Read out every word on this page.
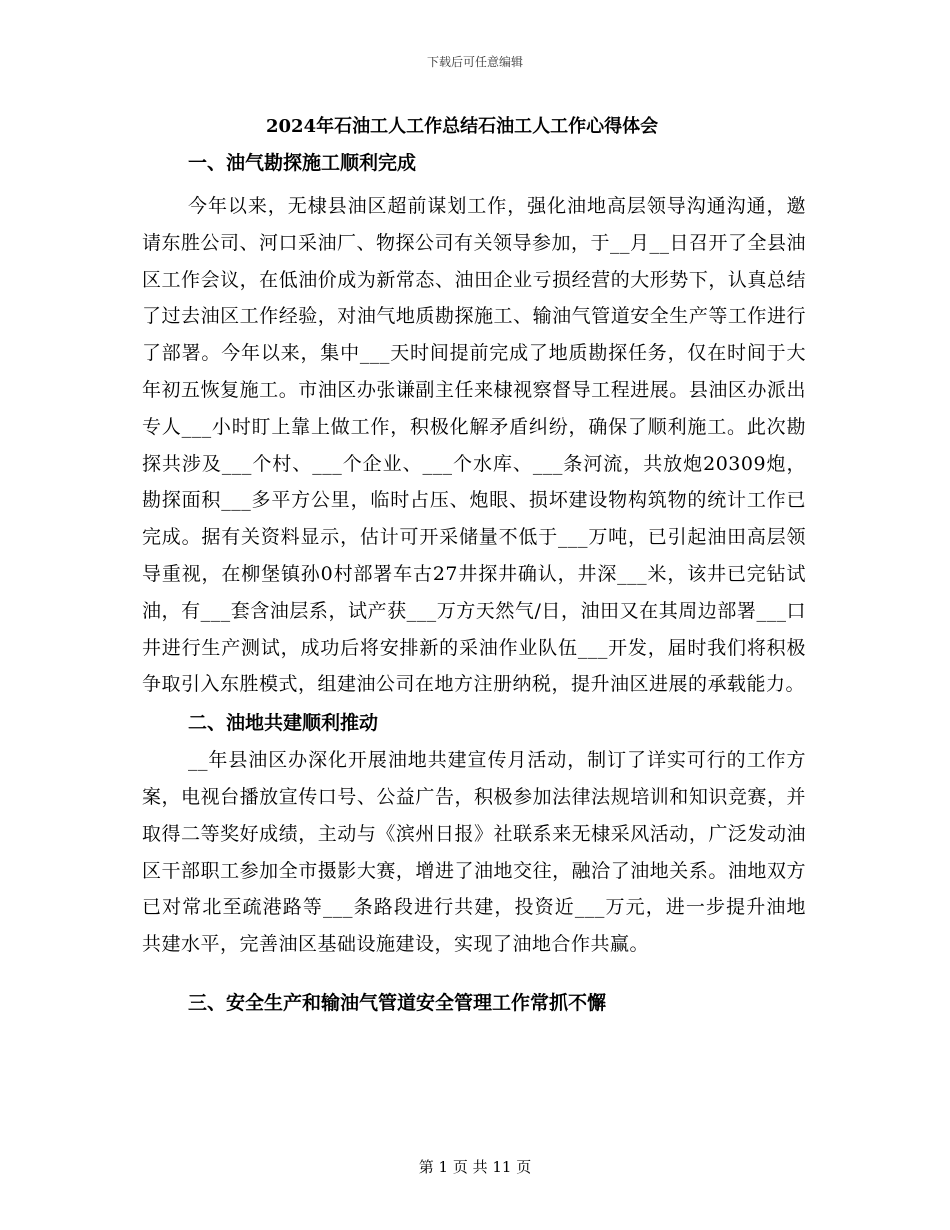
下载后可任意编辑
2024年石油工人工作总结石油工人工作心得体会
一、油气勘探施工顺利完成

今年以来，无棣县油区超前谋划工作，强化油地高层领导沟通沟通，邀请东胜公司、河口采油厂、物探公司有关领导参加，于__月__日召开了全县油区工作会议，在低油价成为新常态、油田企业亏损经营的大形势下，认真总结了过去油区工作经验，对油气地质勘探施工、输油气管道安全生产等工作进行了部署。今年以来，集中___天时间提前完成了地质勘探任务，仅在时间于大年初五恢复施工。市油区办张谦副主任来棣视察督导工程进展。县油区办派出专人___小时盯上靠上做工作，积极化解矛盾纠纷，确保了顺利施工。此次勘探共涉及___个村、___个企业、___个水库、___条河流，共放炮20309炮，勘探面积___多平方公里，临时占压、炮眼、损坏建设物构筑物的统计工作已完成。据有关资料显示，估计可开采储量不低于___万吨，已引起油田高层领导重视，在柳堡镇孙0村部署车古27井探井确认，井深___米，该井已完钻试油，有___套含油层系，试产获___万方天然气/日，油田又在其周边部署___口井进行生产测试，成功后将安排新的采油作业队伍___开发，届时我们将积极争取引入东胜模式，组建油公司在地方注册纳税，提升油区进展的承载能力。

二、油地共建顺利推动

__年县油区办深化开展油地共建宣传月活动，制订了详实可行的工作方案，电视台播放宣传口号、公益广告，积极参加法律法规培训和知识竞赛，并取得二等奖好成绩，主动与《滨州日报》社联系来无棣采风活动，广泛发动油区干部职工参加全市摄影大赛，增进了油地交往，融洽了油地关系。油地双方已对常北至疏港路等___条路段进行共建，投资近___万元，进一步提升油地共建水平，完善油区基础设施建设，实现了油地合作共赢。

三、安全生产和输油气管道安全管理工作常抓不懈
第 1 页 共 11 页
